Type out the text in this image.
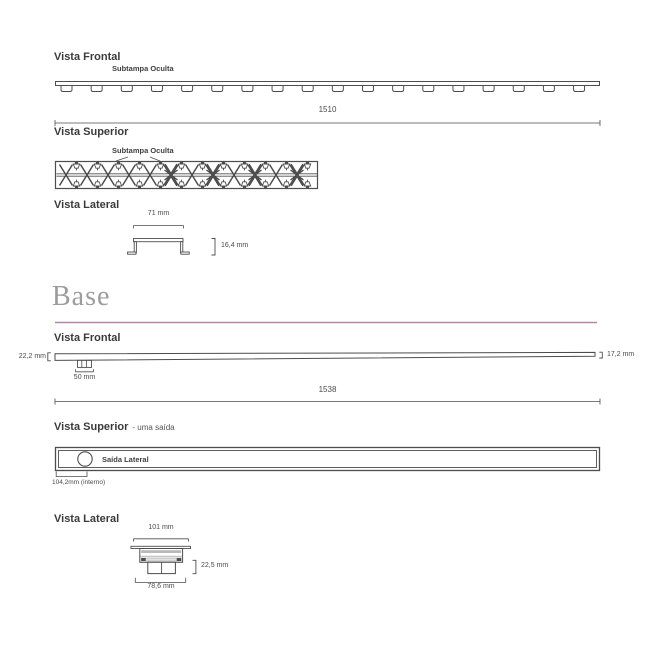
Vista Frontal
Subtampa Oculta
1510
Vista Superior
Subtampa Oculta
Vista Lateral
71 mm
16,4 mm
Base
Vista Frontal
22,2 mm
50 mm
17,2 mm
1538
Vista Superior - uma saída
Saída Lateral
104,2mm (interno)
Vista Lateral
101 mm
22,5 mm
78,6 mm
